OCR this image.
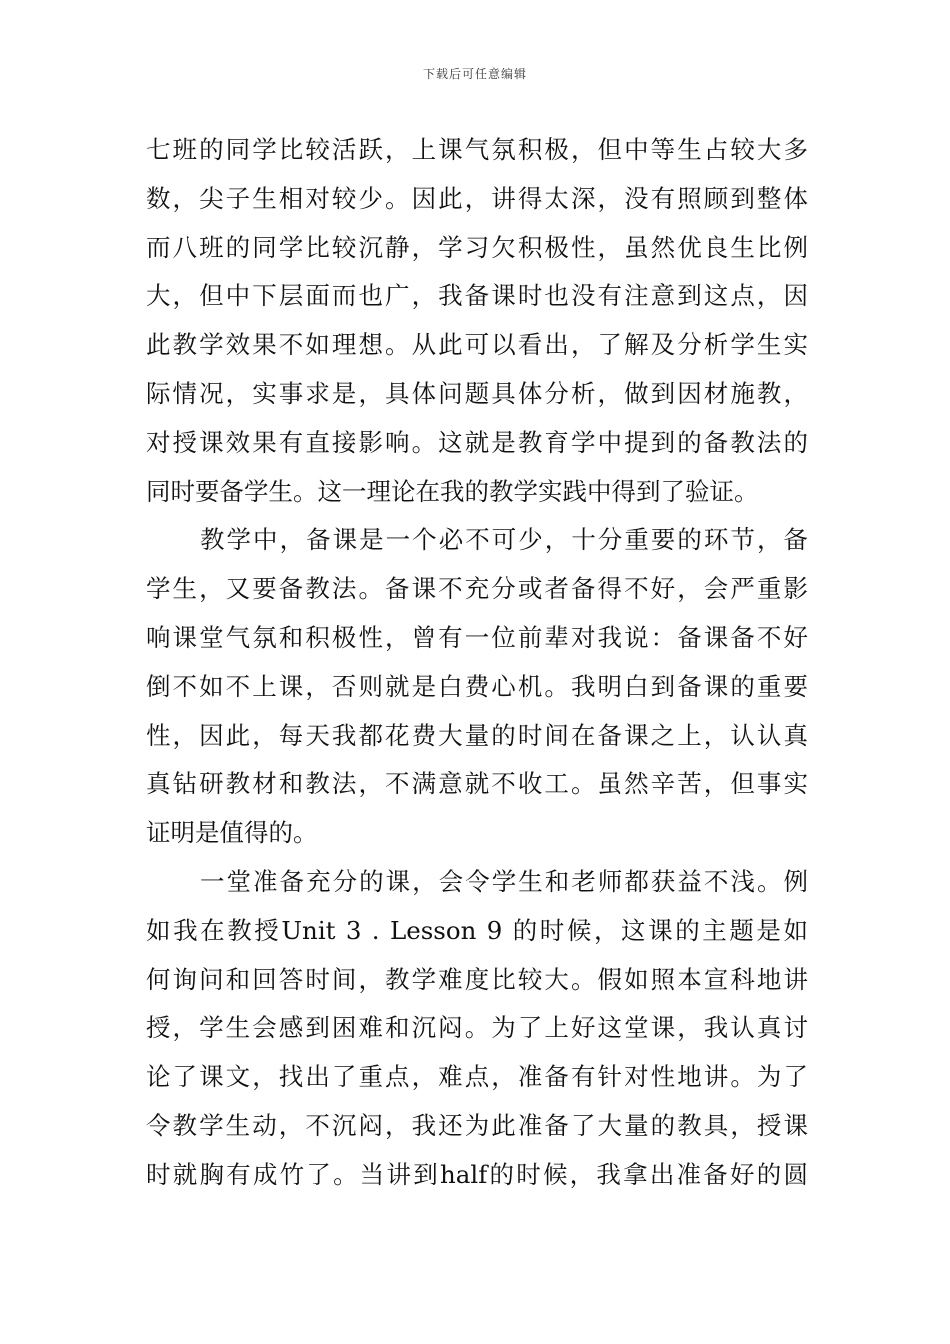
下载后可任意编辑
七班的同学比较活跃，上课气氛积极，但中等生占较大多
数，尖子生相对较少。因此，讲得太深，没有照顾到整体
而八班的同学比较沉静，学习欠积极性，虽然优良生比例
大，但中下层面而也广，我备课时也没有注意到这点，因
此教学效果不如理想。从此可以看出，了解及分析学生实
际情况，实事求是，具体问题具体分析，做到因材施教，
对授课效果有直接影响。这就是教育学中提到的备教法的
同时要备学生。这一理论在我的教学实践中得到了验证。
教学中，备课是一个必不可少，十分重要的环节，备
学生，又要备教法。备课不充分或者备得不好，会严重影
响课堂气氛和积极性，曾有一位前辈对我说：备课备不好
倒不如不上课，否则就是白费心机。我明白到备课的重要
性，因此，每天我都花费大量的时间在备课之上，认认真
真钻研教材和教法，不满意就不收工。虽然辛苦，但事实
证明是值得的。
一堂准备充分的课，会令学生和老师都获益不浅。例
如我在教授Unit 3 . Lesson 9 的时候，这课的主题是如
何询问和回答时间，教学难度比较大。假如照本宣科地讲
授，学生会感到困难和沉闷。为了上好这堂课，我认真讨
论了课文，找出了重点，难点，准备有针对性地讲。为了
令教学生动，不沉闷，我还为此准备了大量的教具，授课
时就胸有成竹了。当讲到half的时候，我拿出准备好的圆
